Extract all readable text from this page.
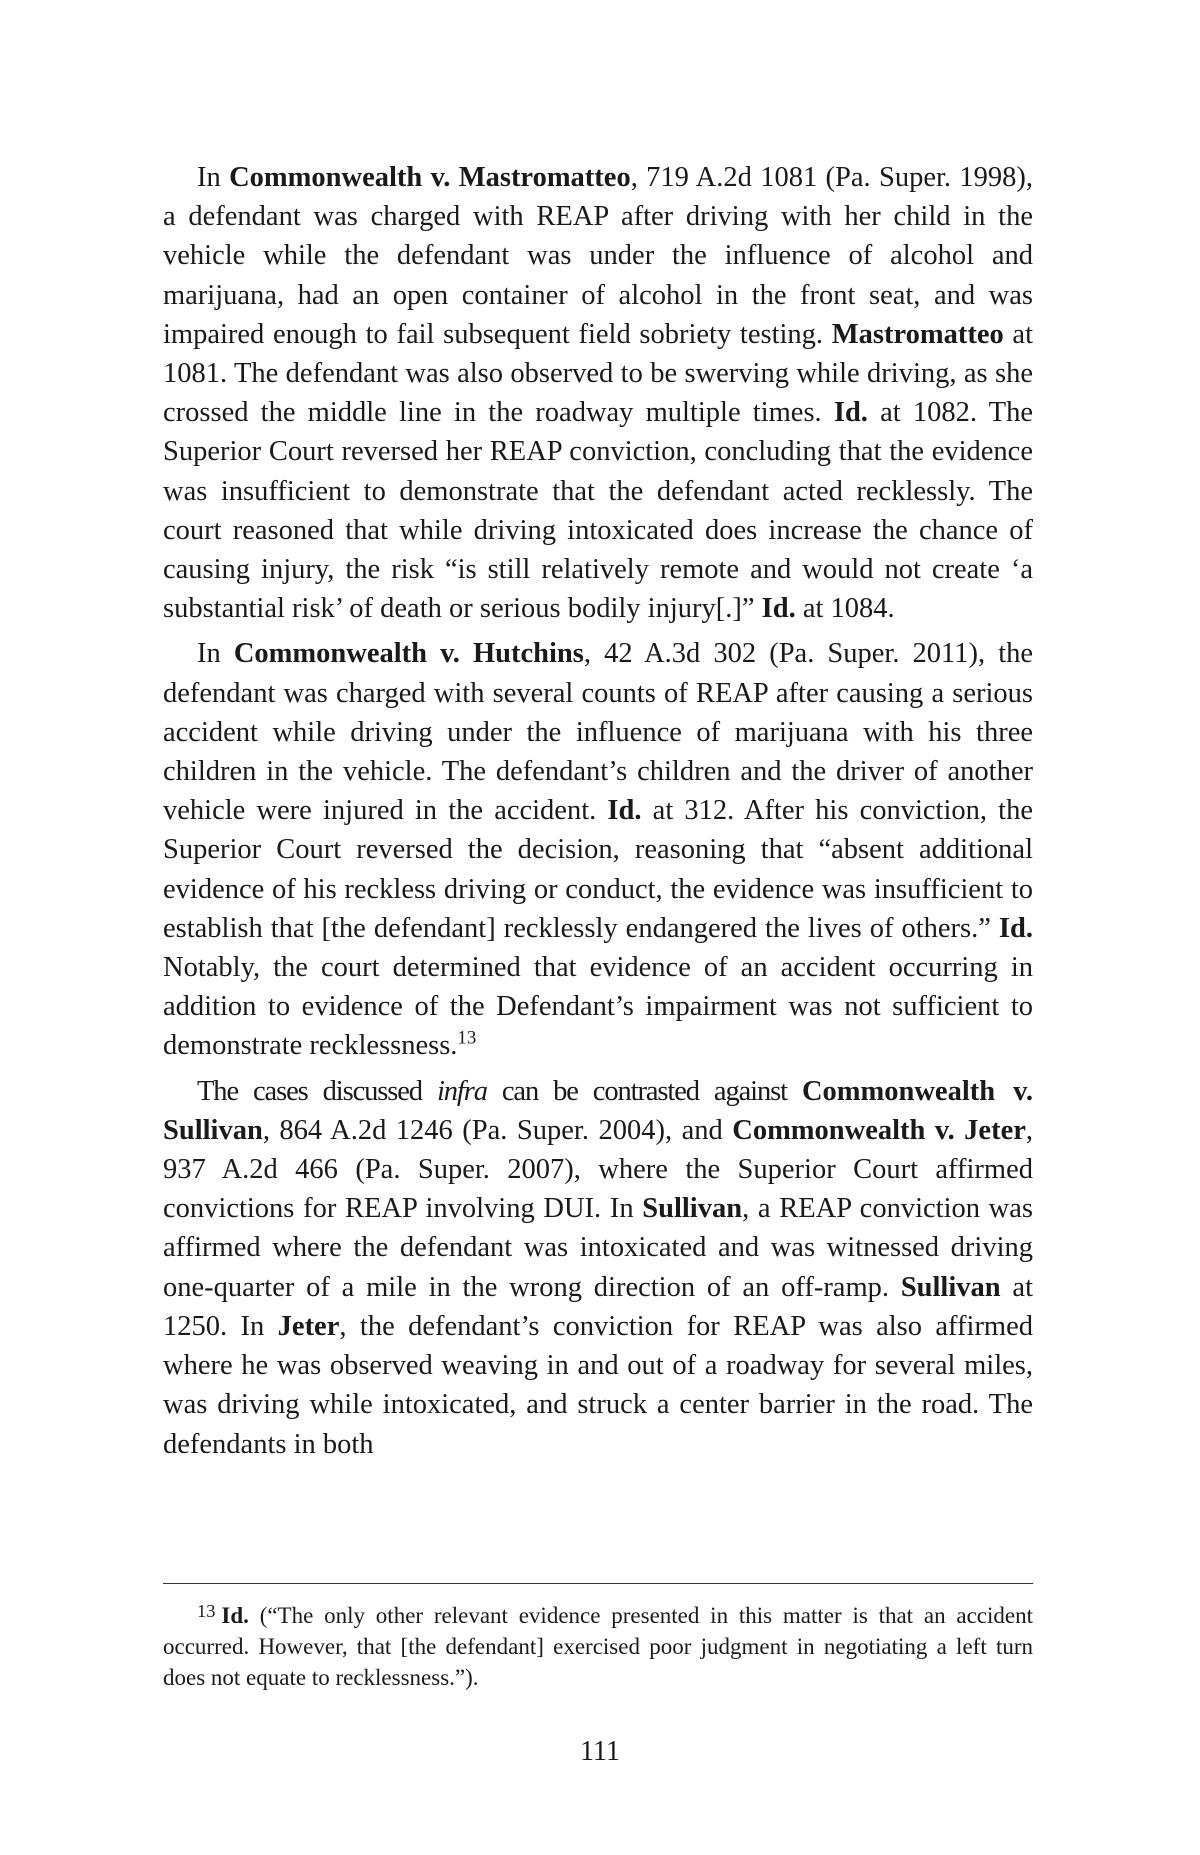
In Commonwealth v. Mastromatteo, 719 A.2d 1081 (Pa. Super. 1998), a defendant was charged with REAP after driving with her child in the vehicle while the defendant was under the influence of alcohol and marijuana, had an open container of alcohol in the front seat, and was impaired enough to fail subsequent field sobriety testing. Mastromatteo at 1081. The defendant was also observed to be swerving while driving, as she crossed the middle line in the roadway multiple times. Id. at 1082. The Superior Court reversed her REAP conviction, concluding that the evidence was insufficient to demonstrate that the defendant acted recklessly. The court reasoned that while driving intoxicated does increase the chance of causing injury, the risk “is still relatively remote and would not create ‘a substantial risk’ of death or serious bodily injury[.]” Id. at 1084.

In Commonwealth v. Hutchins, 42 A.3d 302 (Pa. Super. 2011), the defendant was charged with several counts of REAP after causing a serious accident while driving under the influence of marijuana with his three children in the vehicle. The defendant’s children and the driver of another vehicle were injured in the accident. Id. at 312. After his conviction, the Superior Court reversed the decision, reasoning that “absent additional evidence of his reckless driving or conduct, the evidence was insufficient to establish that [the defendant] recklessly endangered the lives of others.” Id. Notably, the court determined that evidence of an accident occurring in addition to evidence of the Defendant’s impairment was not sufficient to demonstrate recklessness.$^{13}$

The cases discussed infra can be contrasted against Commonwealth v. Sullivan, 864 A.2d 1246 (Pa. Super. 2004), and Commonwealth v. Jeter, 937 A.2d 466 (Pa. Super. 2007), where the Superior Court affirmed convictions for REAP involving DUI. In Sullivan, a REAP conviction was affirmed where the defendant was intoxicated and was witnessed driving one-quarter of a mile in the wrong direction of an off-ramp. Sullivan at 1250. In Jeter, the defendant’s conviction for REAP was also affirmed where he was observed weaving in and out of a roadway for several miles, was driving while intoxicated, and struck a center barrier in the road. The defendants in both

$^{13}$ Id. (“The only other relevant evidence presented in this matter is that an accident occurred. However, that [the defendant] exercised poor judgment in negotiating a left turn does not equate to recklessness.”).

111
